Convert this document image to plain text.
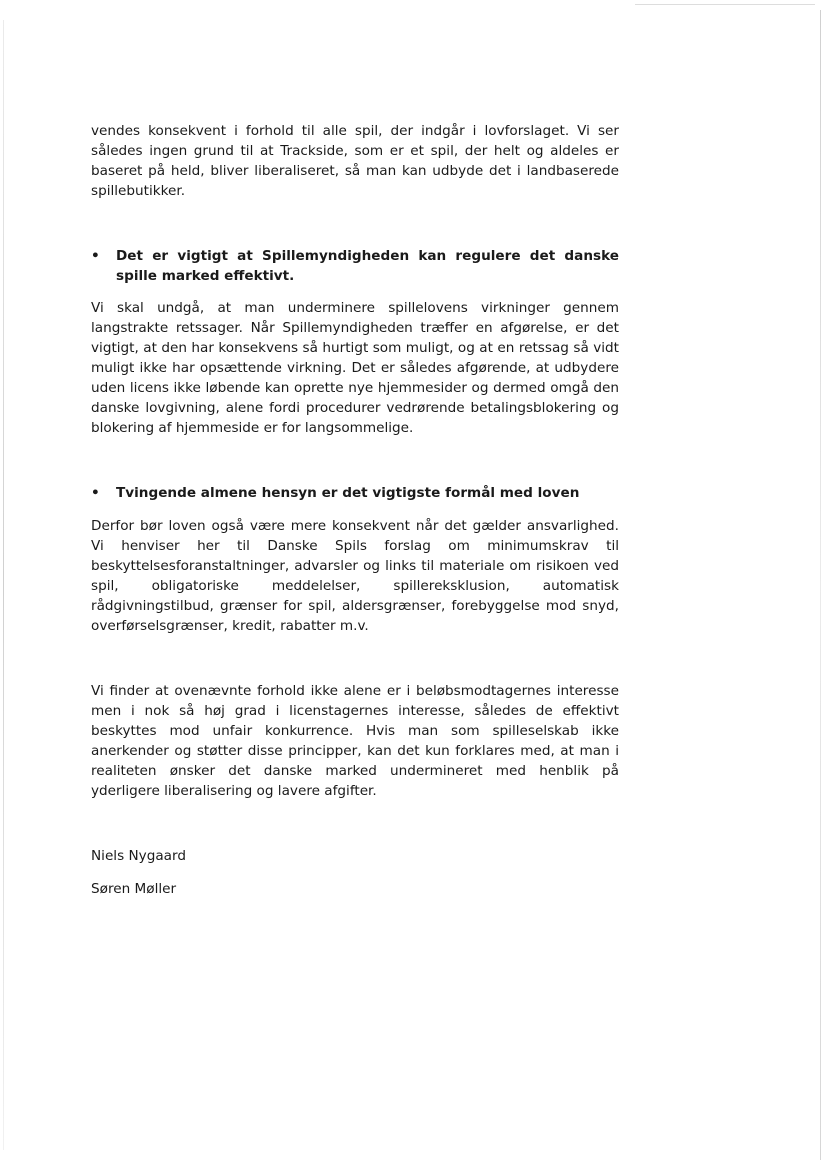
vendes konsekvent i forhold til alle spil, der indgår i lovforslaget. Vi ser således ingen grund til at Trackside, som er et spil, der helt og aldeles er baseret på held, bliver liberaliseret, så man kan udbyde det i landbaserede spillebutikker.

• Det er vigtigt at Spillemyndigheden kan regulere det danske spille marked effektivt.

Vi skal undgå, at man underminere spillelovens virkninger gennem langstrakte retssager. Når Spillemyndigheden træffer en afgørelse, er det vigtigt, at den har konsekvens så hurtigt som muligt, og at en retssag så vidt muligt ikke har opsættende virkning. Det er således afgørende, at udbydere uden licens ikke løbende kan oprette nye hjemmesider og dermed omgå den danske lovgivning, alene fordi procedurer vedrørende betalingsblokering og blokering af hjemmeside er for langsommelige.

• Tvingende almene hensyn er det vigtigste formål med loven

Derfor bør loven også være mere konsekvent når det gælder ansvarlighed. Vi henviser her til Danske Spils forslag om minimumskrav til beskyttelsesforanstaltninger, advarsler og links til materiale om risikoen ved spil, obligatoriske meddelelser, spillereksklusion, automatisk rådgivningstilbud, grænser for spil, aldersgrænser, forebyggelse mod snyd, overførselsgrænser, kredit, rabatter m.v.

Vi finder at ovenævnte forhold ikke alene er i beløbsmodtagernes interesse men i nok så høj grad i licenstagernes interesse, således de effektivt beskyttes mod unfair konkurrence. Hvis man som spilleselskab ikke anerkender og støtter disse principper, kan det kun forklares med, at man i realiteten ønsker det danske marked undermineret med henblik på yderligere liberalisering og lavere afgifter.

Niels Nygaard
Søren Møller
